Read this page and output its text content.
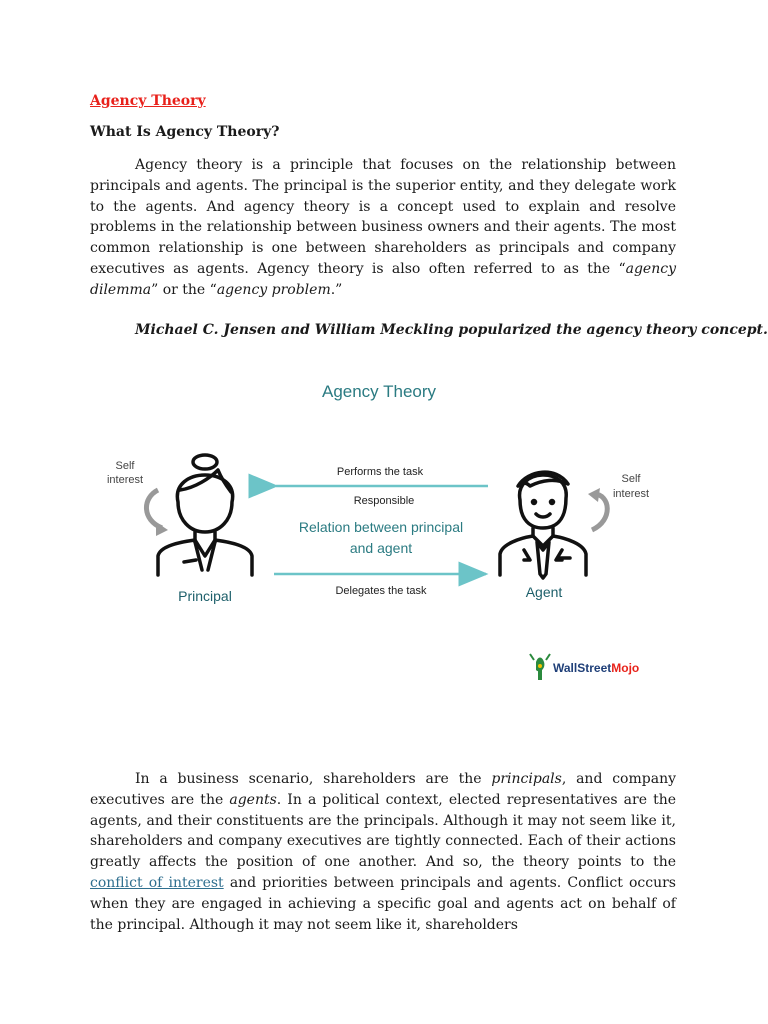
Agency Theory
What Is Agency Theory?

Agency theory is a principle that focuses on the relationship between principals and agents. The principal is the superior entity, and they delegate work to the agents. And agency theory is a concept used to explain and resolve problems in the relationship between business owners and their agents. The most common relationship is one between shareholders as principals and company executives as agents. Agency theory is also often referred to as the “agency dilemma” or the “agency problem.”

Michael C. Jensen and William Meckling popularized the agency theory concept.

Agency Theory
Self
interest
Principal
Performs the task
Responsible
Relation between principal
and agent
Delegates the task	Agent
Self
interest
WallStreetMojo

In a business scenario, shareholders are the principals, and company executives are the agents. In a political context, elected representatives are the agents, and their constituents are the principals. Although it may not seem like it, shareholders and company executives are tightly connected. Each of their actions greatly affects the position of one another. And so, the theory points to the conflict of interest and priorities between principals and agents. Conflict occurs when they are engaged in achieving a specific goal and agents act on behalf of the principal. Although it may not seem like it, shareholders
